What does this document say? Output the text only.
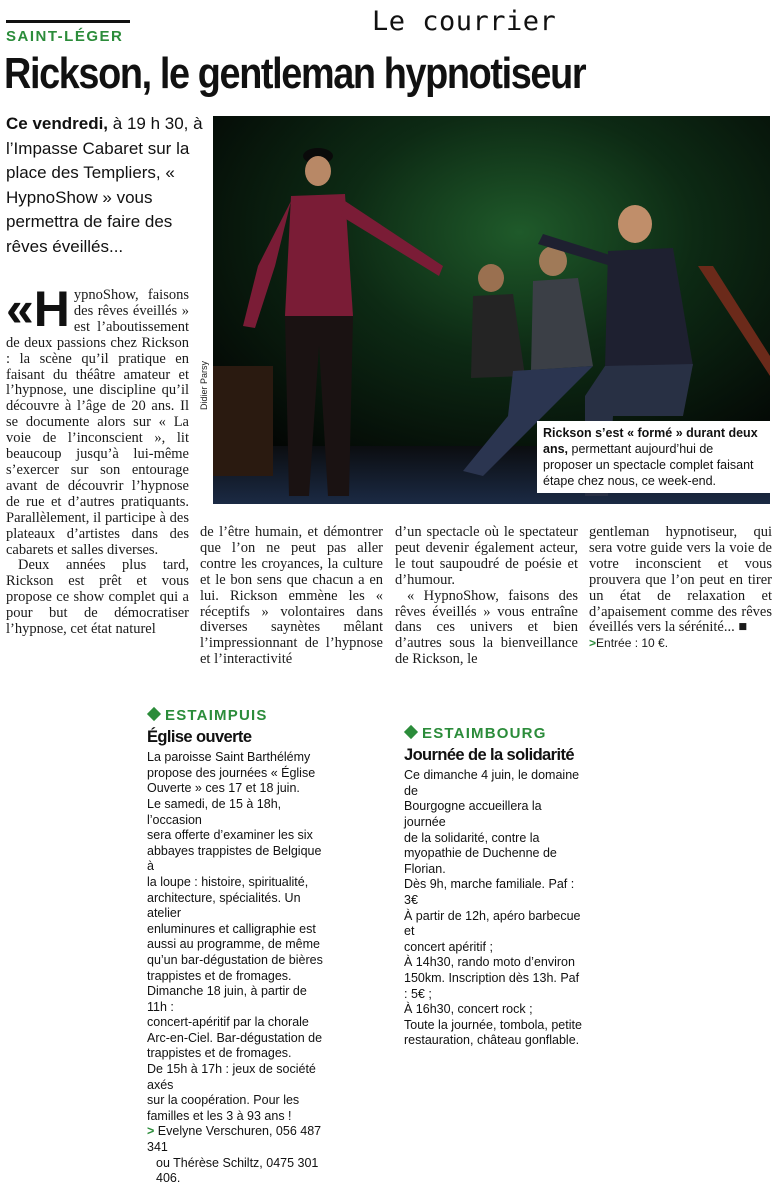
Le courrier
SAINT-LÉGER
Rickson, le gentleman hypnotiseur
Ce vendredi, à 19 h 30, à l’Impasse Cabaret sur la place des Templiers, « HypnoShow » vous permettra de faire des rêves éveillés...
Didier Parsy
Rickson s’est « formé » durant deux ans, permettant aujourd’hui de proposer un spectacle complet faisant étape chez nous, ce week-end.

«HypnoShow, faisons des rêves éveillés » est l’aboutissement de deux passions chez Rickson : la scène qu’il pratique en faisant du théâtre amateur et l’hypnose, une discipline qu’il découvre à l’âge de 20 ans. Il se documente alors sur « La voie de l’inconscient », lit beaucoup jusqu’à lui-même s’exercer sur son entourage avant de découvrir l’hypnose de rue et d’autres pratiquants. Parallèlement, il participe à des plateaux d’artistes dans des cabarets et salles diverses.

Deux années plus tard, Rickson est prêt et vous propose ce show complet qui a pour but de démocratiser l’hypnose, cet état naturel

de l’être humain, et démontrer que l’on ne peut pas aller contre les croyances, la culture et le bon sens que chacun a en lui. Rickson emmène les « réceptifs » volontaires dans diverses saynètes mêlant l’impressionnant de l’hypnose et l’interactivité

d’un spectacle où le spectateur peut devenir également acteur, le tout saupoudré de poésie et d’humour.

« HypnoShow, faisons des rêves éveillés » vous entraîne dans ces univers et bien d’autres sous la bienveillance de Rickson, le

gentleman hypnotiseur, qui sera votre guide vers la voie de votre inconscient et vous prouvera que l’on peut en tirer un état de relaxation et d’apaisement comme des rêves éveillés vers la sérénité... ■

>Entrée : 10 €.

ESTAIMPUIS
Église ouverte
La paroisse Saint Barthélémy
propose des journées « Église
Ouverte » ces 17 et 18 juin.
Le samedi, de 15 à 18h, l’occasion
sera offerte d’examiner les six
abbayes trappistes de Belgique à
la loupe : histoire, spiritualité,
architecture, spécialités. Un atelier
enluminures et calligraphie est
aussi au programme, de même
qu’un bar-dégustation de bières
trappistes et de fromages.
Dimanche 18 juin, à partir de 11h :
concert-apéritif par la chorale
Arc-en-Ciel. Bar-dégustation de
trappistes et de fromages.
De 15h à 17h : jeux de société axés
sur la coopération. Pour les
familles et les 3 à 93 ans !
> Evelyne Verschuren, 056 487 341
ou Thérèse Schiltz, 0475 301 406.
ESTAIMBOURG
Journée de la solidarité
Ce dimanche 4 juin, le domaine de
Bourgogne accueillera la journée
de la solidarité, contre la
myopathie de Duchenne de
Florian.
Dès 9h, marche familiale. Paf : 3€
À partir de 12h, apéro barbecue et
concert apéritif ;
À 14h30, rando moto d’environ
150km. Inscription dès 13h. Paf : 5€ ;
À 16h30, concert rock ;
Toute la journée, tombola, petite
restauration, château gonflable.
